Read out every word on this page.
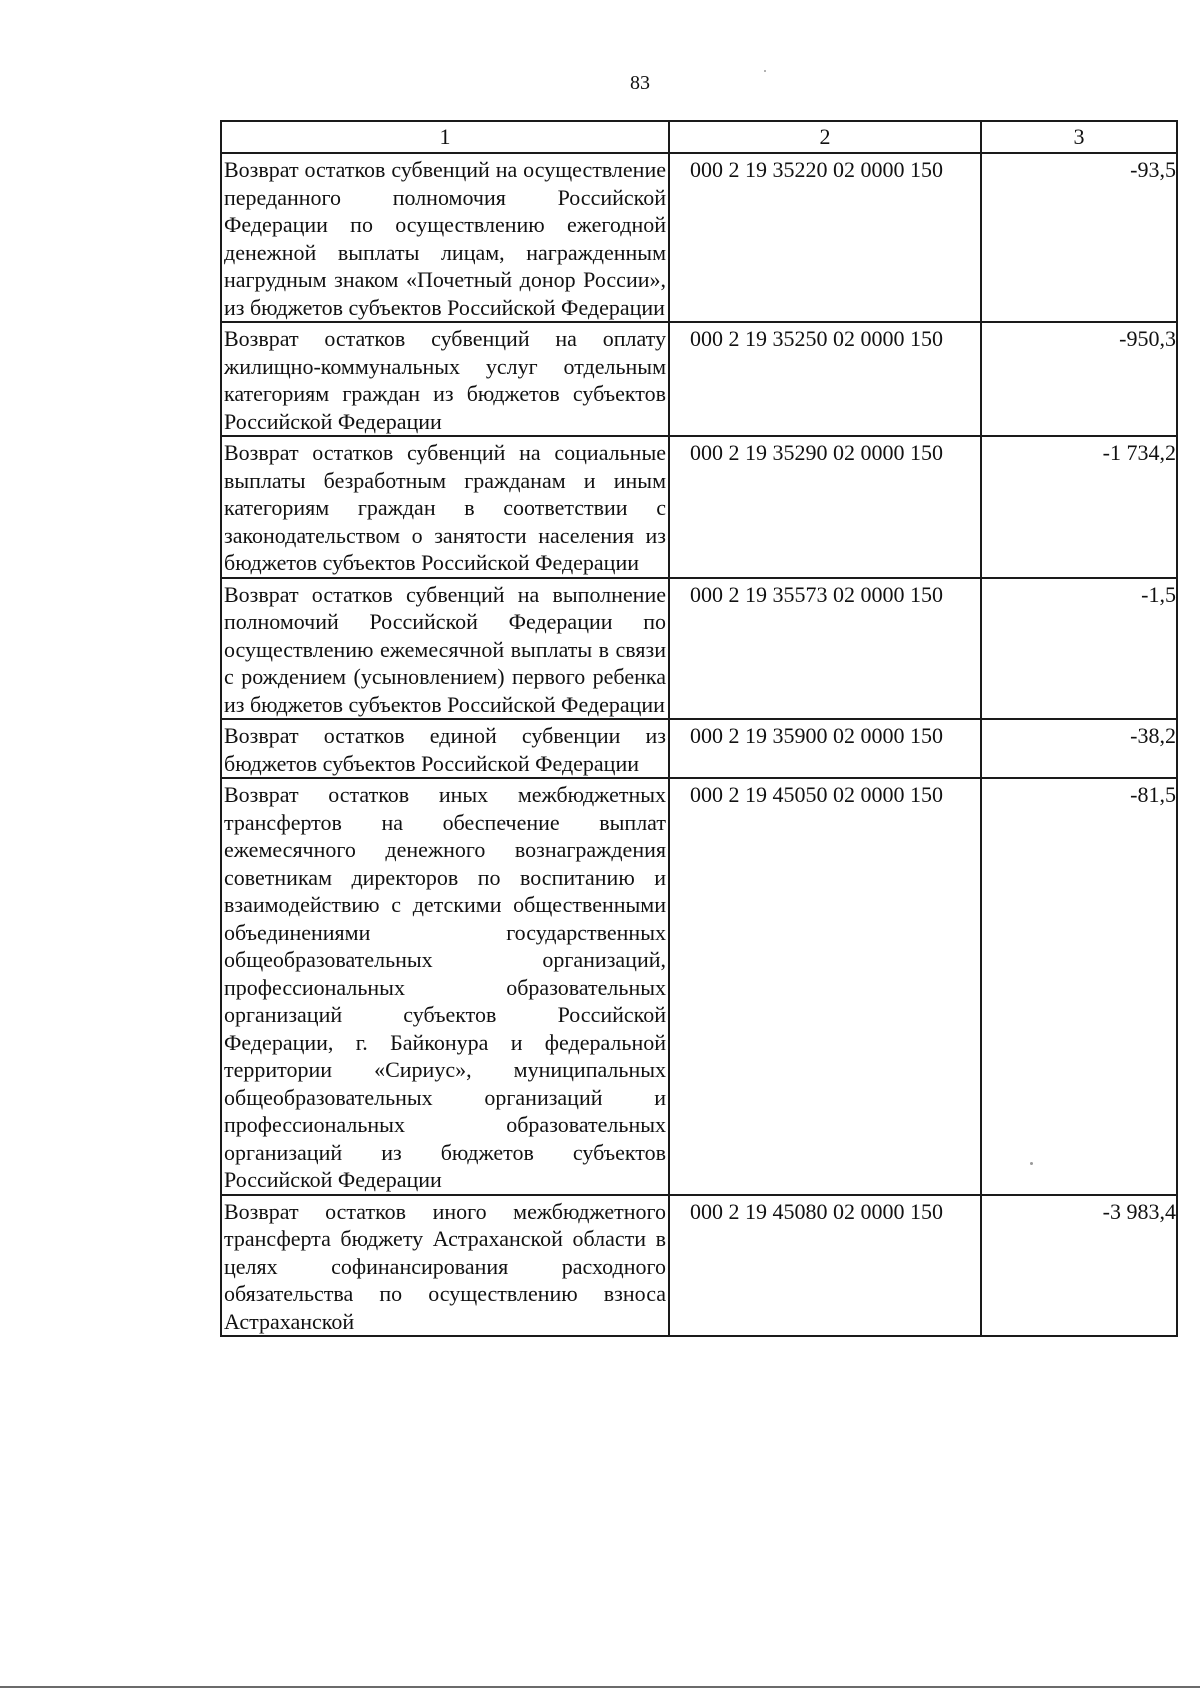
83
1	2	3
Возврат остатков субвенций на осуществление переданного полномочия Российской Федерации по осуществлению ежегодной денежной выплаты лицам, награжденным нагрудным знаком «Почетный донор России», из бюджетов субъектов Российской Федерации	000 2 19 35220 02 0000 150	-93,5
Возврат остатков субвенций на оплату жилищно-коммунальных услуг отдельным категориям граждан из бюджетов субъектов Российской Федерации	000 2 19 35250 02 0000 150	-950,3
Возврат остатков субвенций на социальные выплаты безработным гражданам и иным категориям граждан в соответствии с законодательством о занятости населения из бюджетов субъектов Российской Федерации	000 2 19 35290 02 0000 150	-1 734,2
Возврат остатков субвенций на выполнение полномочий Российской Федерации по осуществлению ежемесячной выплаты в связи с рождением (усыновлением) первого ребенка из бюджетов субъектов Российской Федерации	000 2 19 35573 02 0000 150	-1,5
Возврат остатков единой субвенции из бюджетов субъектов Российской Федерации	000 2 19 35900 02 0000 150	-38,2
Возврат остатков иных межбюджетных трансфертов на обеспечение выплат ежемесячного денежного вознаграждения советникам директоров по воспитанию и взаимодействию с детскими общественными объединениями государственных общеобразовательных организаций, профессиональных образовательных организаций субъектов Российской Федерации, г. Байконура и федеральной территории «Сириус», муниципальных общеобразовательных организаций и профессиональных образовательных организаций из бюджетов субъектов Российской Федерации	000 2 19 45050 02 0000 150	-81,5
Возврат остатков иного межбюджетного трансферта бюджету Астраханской области в целях софинансирования расходного обязательства по осуществлению взноса Астраханской	000 2 19 45080 02 0000 150	-3 983,4
